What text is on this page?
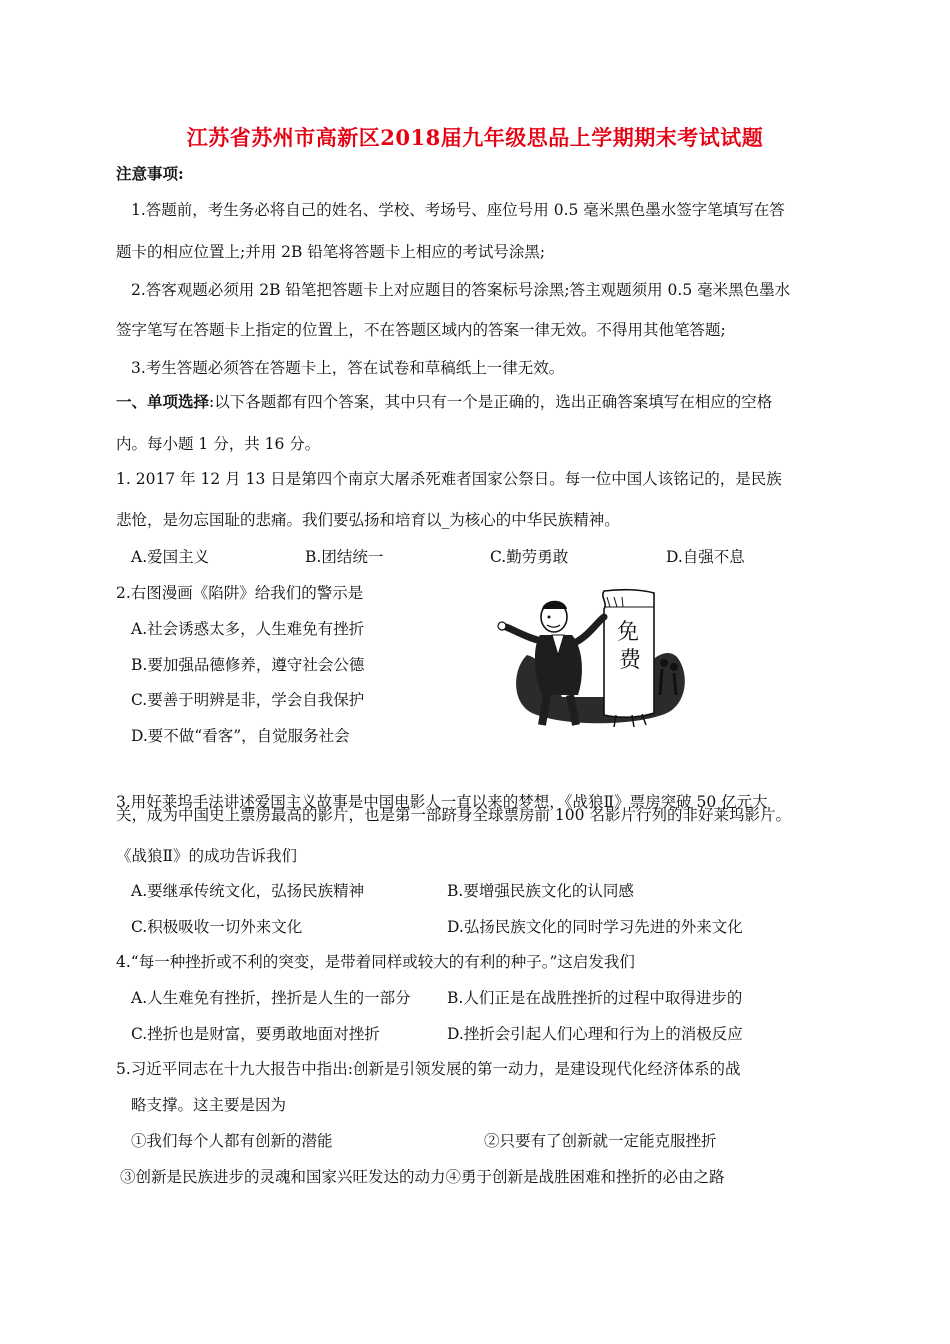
江苏省苏州市高新区2018届九年级思品上学期期末考试试题
注意事项:
1.答题前，考生务必将自己的姓名、学校、考场号、座位号用 0.5 毫米黑色墨水签字笔填写在答
题卡的相应位置上;并用 2B 铅笔将答题卡上相应的考试号涂黑;
2.答客观题必须用 2B 铅笔把答题卡上对应题目的答案标号涂黑;答主观题须用 0.5 毫米黑色墨水
签字笔写在答题卡上指定的位置上，不在答题区域内的答案一律无效。不得用其他笔答题;
3.考生答题必须答在答题卡上，答在试卷和草稿纸上一律无效。
一、单项选择:以下各题都有四个答案，其中只有一个是正确的，选出正确答案填写在相应的空格
内。每小题 1 分，共 16 分。
1. 2017 年 12 月 13 日是第四个南京大屠杀死难者国家公祭日。每一位中国人该铭记的，是民族
悲怆，是勿忘国耻的悲痛。我们要弘扬和培育以_为核心的中华民族精神。
A.爱国主义	B.团结统一	C.勤劳勇敢	D.自强不息
2.右图漫画《陷阱》给我们的警示是
A.社会诱惑太多，人生难免有挫折
B.要加强品德修养，遵守社会公德
C.要善于明辨是非，学会自我保护
D.要不做“看客”，自觉服务社会
免
费
3.用好莱坞手法讲述爱国主义故事是中国电影人一直以来的梦想，《战狼Ⅱ》票房突破 50 亿元大
关，成为中国史上票房最高的影片，也是第一部跻身全球票房前 100 名影片行列的非好莱坞影片。
《战狼Ⅱ》的成功告诉我们
A.要继承传统文化，弘扬民族精神	B.要增强民族文化的认同感
C.积极吸收一切外来文化	D.弘扬民族文化的同时学习先进的外来文化
4.“每一种挫折或不利的突变，是带着同样或较大的有利的种子。”这启发我们
A.人生难免有挫折，挫折是人生的一部分 B.人们正是在战胜挫折的过程中取得进步的
C.挫折也是财富，要勇敢地面对挫折	D.挫折会引起人们心理和行为上的消极反应
5.习近平同志在十九大报告中指出:创新是引领发展的第一动力，是建设现代化经济体系的战
略支撑。这主要是因为
①我们每个人都有创新的潜能	②只要有了创新就一定能克服挫折
③创新是民族进步的灵魂和国家兴旺发达的动力④勇于创新是战胜困难和挫折的必由之路
